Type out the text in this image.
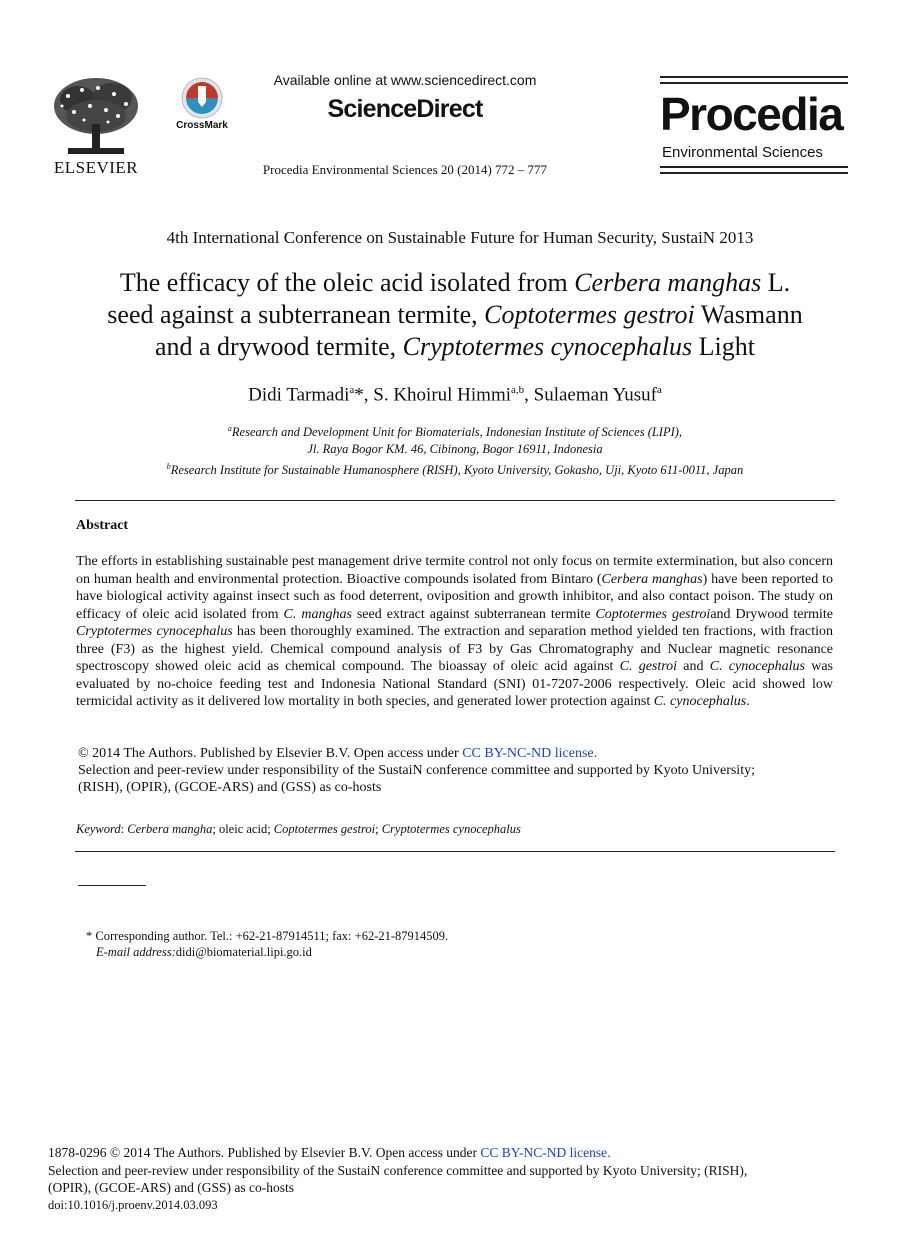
ELSEVIER
CrossMark
Available online at www.sciencedirect.com
ScienceDirect
Procedia Environmental Sciences 20 (2014) 772 – 777
Procedia
Environmental Sciences
4th International Conference on Sustainable Future for Human Security, SustaiN 2013
The efficacy of the oleic acid isolated from Cerbera manghas L.
seed against a subterranean termite, Coptotermes gestroi Wasmann
and a drywood termite, Cryptotermes cynocephalus Light
Didi Tarmadi$^a$*, S. Khoirul Himmi$^{a,b}$, Sulaeman Yusuf$^a$
$^a$Research and Development Unit for Biomaterials, Indonesian Institute of Sciences (LIPI),
Jl. Raya Bogor KM. 46, Cibinong, Bogor 16911, Indonesia
$^b$Research Institute for Sustainable Humanosphere (RISH), Kyoto University, Gokasho, Uji, Kyoto 611-0011, Japan
Abstract
The efforts in establishing sustainable pest management drive termite control not only focus on termite extermination, but also concern on human health and environmental protection. Bioactive compounds isolated from Bintaro (Cerbera manghas) have been reported to have biological activity against insect such as food deterrent, oviposition and growth inhibitor, and also contact poison. The study on efficacy of oleic acid isolated from C. manghas seed extract against subterranean termite Coptotermes gestroiand Drywood termite Cryptotermes cynocephalus has been thoroughly examined. The extraction and separation method yielded ten fractions, with fraction three (F3) as the highest yield. Chemical compound analysis of F3 by Gas Chromatography and Nuclear magnetic resonance spectroscopy showed oleic acid as chemical compound. The bioassay of oleic acid against C. gestroi and C. cynocephalus was evaluated by no-choice feeding test and Indonesia National Standard (SNI) 01-7207-2006 respectively. Oleic acid showed low termicidal activity as it delivered low mortality in both species, and generated lower protection against C. cynocephalus.
© 2014 The Authors. Published by Elsevier B.V. Open access under CC BY-NC-ND license.
Selection and peer-review under responsibility of the SustaiN conference committee and supported by Kyoto University;
(RISH), (OPIR), (GCOE-ARS) and (GSS) as co-hosts
Keyword: Cerbera mangha; oleic acid; Coptotermes gestroi; Cryptotermes cynocephalus
* Corresponding author. Tel.: +62-21-87914511; fax: +62-21-87914509.
E-mail address:didi@biomaterial.lipi.go.id
1878-0296 © 2014 The Authors. Published by Elsevier B.V. Open access under CC BY-NC-ND license.
Selection and peer-review under responsibility of the SustaiN conference committee and supported by Kyoto University; (RISH),
(OPIR), (GCOE-ARS) and (GSS) as co-hosts
doi:10.1016/j.proenv.2014.03.093
